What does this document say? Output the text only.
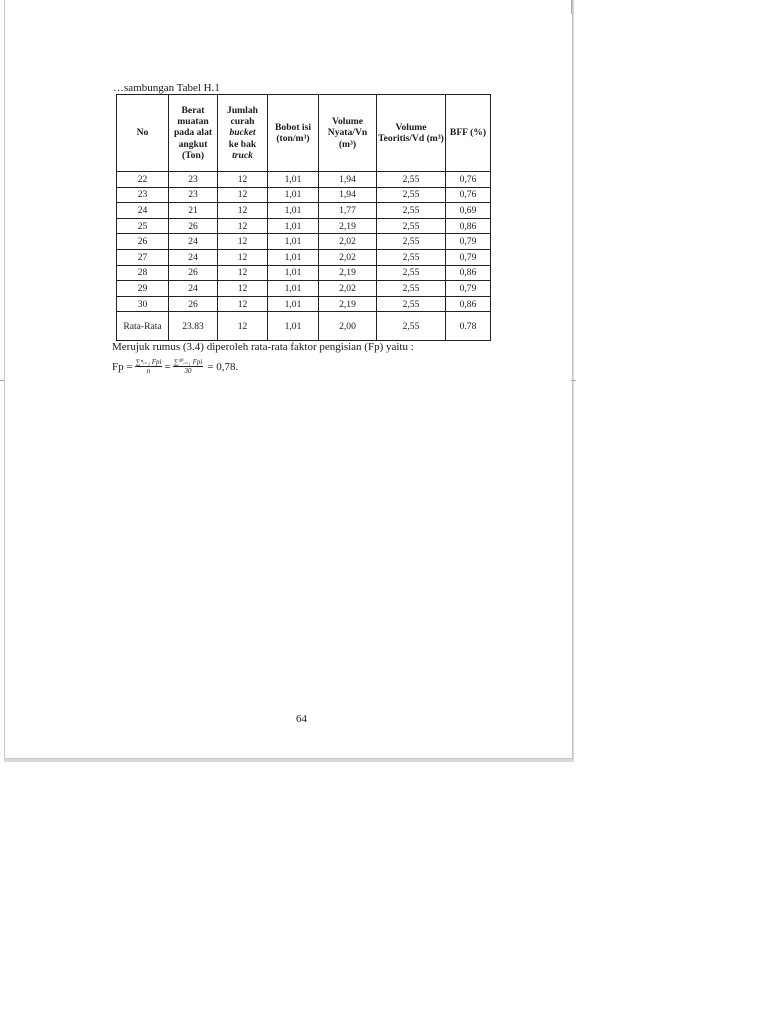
…sambungan Tabel H.1
No	Berat muatan pada alat angkut (Ton)	Jumlah curah
bucket
ke bak
truck	Bobot isi (ton/m³)	Volume Nyata/Vn (m³)	Volume Teoritis/Vd (m³)	BFF (%)
22	23	12	1,01	1,94	2,55	0,76
23	23	12	1,01	1,94	2,55	0,76
24	21	12	1,01	1,77	2,55	0,69
25	26	12	1,01	2,19	2,55	0,86
26	24	12	1,01	2,02	2,55	0,79
27	24	12	1,01	2,02	2,55	0,79
28	26	12	1,01	2,19	2,55	0,86
29	24	12	1,01	2,02	2,55	0,79
30	26	12	1,01	2,19	2,55	0,86
Rata-Rata	23.83	12	1,01	2,00	2,55	0.78
Merujuk rumus (3.4) diperoleh rata-rata faktor pengisian (Fp) yaitu :
$Fp = \frac{\text{∑ⁿᵢ₌₁ Fpi}}{n} = \frac{\text{∑³⁰ᵢ₌₁ Fpi}}{30} = 0,78$.
64
